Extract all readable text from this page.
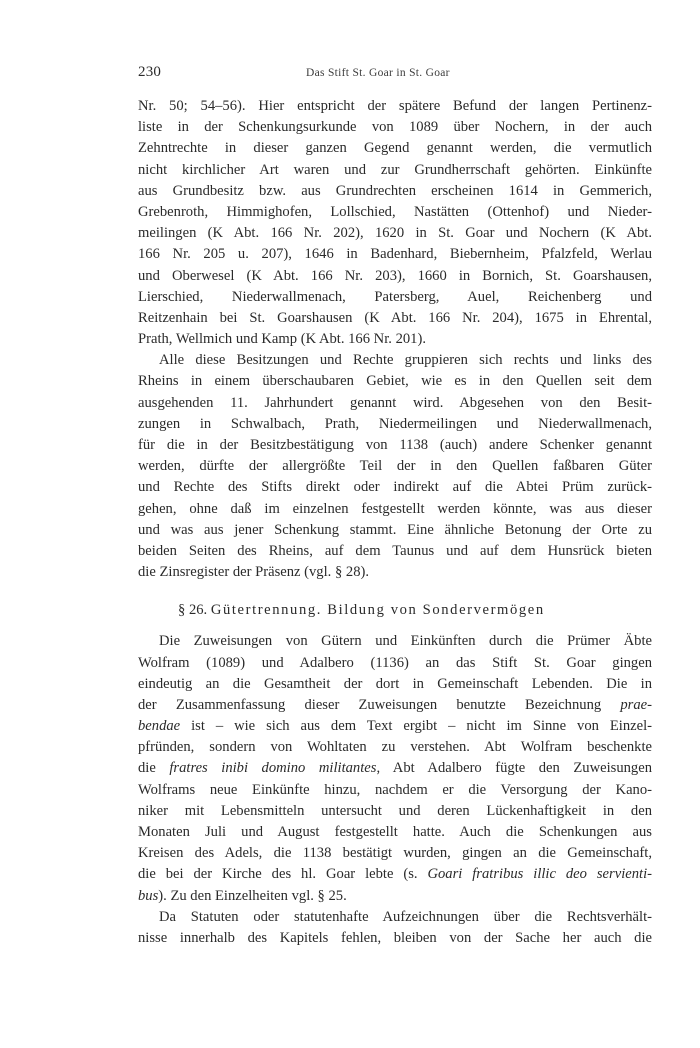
230	Das Stift St. Goar in St. Goar
Nr. 50; 54–56). Hier entspricht der spätere Befund der langen Pertinenz-
liste in der Schenkungsurkunde von 1089 über Nochern, in der auch
Zehntrechte in dieser ganzen Gegend genannt werden, die vermutlich
nicht kirchlicher Art waren und zur Grundherrschaft gehörten. Einkünfte
aus Grundbesitz bzw. aus Grundrechten erscheinen 1614 in Gemmerich,
Grebenroth, Himmighofen, Lollschied, Nastätten (Ottenhof) und Nieder-
meilingen (K Abt. 166 Nr. 202), 1620 in St. Goar und Nochern (K Abt.
166 Nr. 205 u. 207), 1646 in Badenhard, Biebernheim, Pfalzfeld, Werlau
und Oberwesel (K Abt. 166 Nr. 203), 1660 in Bornich, St. Goarshausen,
Lierschied, Niederwallmenach, Patersberg, Auel, Reichenberg und
Reitzenhain bei St. Goarshausen (K Abt. 166 Nr. 204), 1675 in Ehrental,
Prath, Wellmich und Kamp (K Abt. 166 Nr. 201).
Alle diese Besitzungen und Rechte gruppieren sich rechts und links des
Rheins in einem überschaubaren Gebiet, wie es in den Quellen seit dem
ausgehenden 11. Jahrhundert genannt wird. Abgesehen von den Besit-
zungen in Schwalbach, Prath, Niedermeilingen und Niederwallmenach,
für die in der Besitzbestätigung von 1138 (auch) andere Schenker genannt
werden, dürfte der allergrößte Teil der in den Quellen faßbaren Güter
und Rechte des Stifts direkt oder indirekt auf die Abtei Prüm zurück-
gehen, ohne daß im einzelnen festgestellt werden könnte, was aus dieser
und was aus jener Schenkung stammt. Eine ähnliche Betonung der Orte zu
beiden Seiten des Rheins, auf dem Taunus und auf dem Hunsrück bieten
die Zinsregister der Präsenz (vgl. § 28).
§ 26. Gütertrennung. Bildung von Sondervermögen
Die Zuweisungen von Gütern und Einkünften durch die Prümer Äbte
Wolfram (1089) und Adalbero (1136) an das Stift St. Goar gingen
eindeutig an die Gesamtheit der dort in Gemeinschaft Lebenden. Die in
der Zusammenfassung dieser Zuweisungen benutzte Bezeichnung prae-
bendae ist – wie sich aus dem Text ergibt – nicht im Sinne von Einzel-
pfründen, sondern von Wohltaten zu verstehen. Abt Wolfram beschenkte
die fratres inibi domino militantes, Abt Adalbero fügte den Zuweisungen
Wolframs neue Einkünfte hinzu, nachdem er die Versorgung der Kano-
niker mit Lebensmitteln untersucht und deren Lückenhaftigkeit in den
Monaten Juli und August festgestellt hatte. Auch die Schenkungen aus
Kreisen des Adels, die 1138 bestätigt wurden, gingen an die Gemeinschaft,
die bei der Kirche des hl. Goar lebte (s. Goari fratribus illic deo servienti-
bus). Zu den Einzelheiten vgl. § 25.
Da Statuten oder statutenhafte Aufzeichnungen über die Rechtsverhält-
nisse innerhalb des Kapitels fehlen, bleiben von der Sache her auch die
